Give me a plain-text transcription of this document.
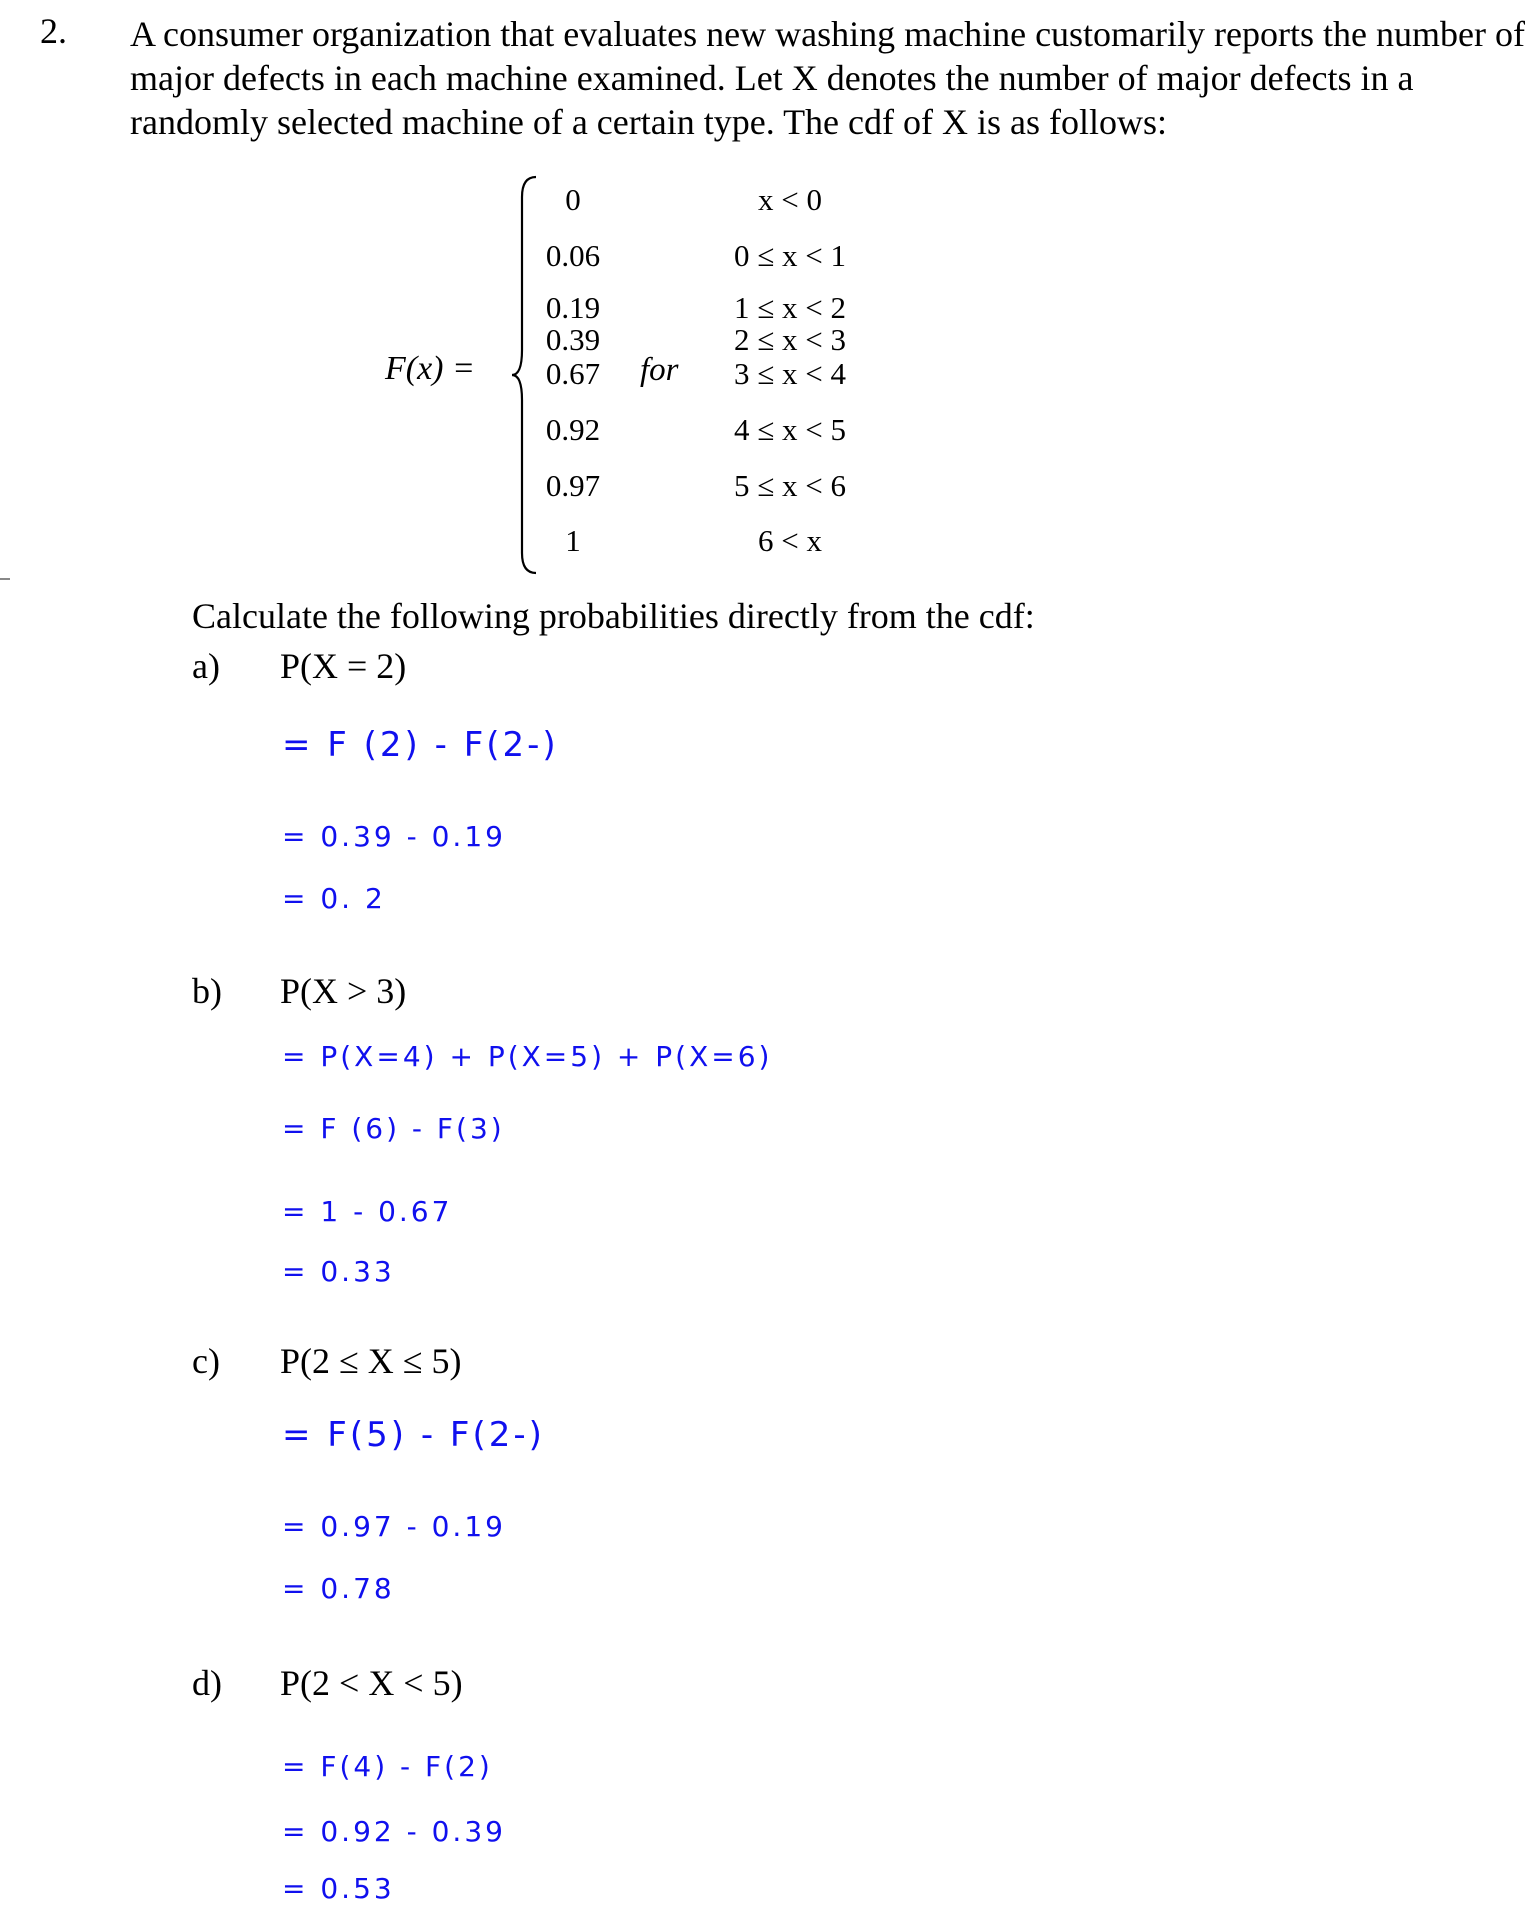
2. A consumer organization that evaluates new washing machine customarily reports the number of major defects in each machine examined. Let X denotes the number of major defects in a randomly selected machine of a certain type. The cdf of X is as follows:
F(x) =
0
0.06
0.19
0.39
0.67
0.92
0.97
1
for
x < 0
0 ≤ x < 1
1 ≤ x < 2
2 ≤ x < 3
3 ≤ x < 4
4 ≤ x < 5
5 ≤ x < 6
6 < x
Calculate the following probabilities directly from the cdf:
a) P(X = 2)
= F (2) - F(2-)
= 0.39 - 0.19
= 0. 2
b) P(X > 3)
= P(X=4) + P(X=5) + P(X=6)
= F (6) - F(3)
= 1 - 0.67
= 0.33
c) P(2 ≤ X ≤ 5)
= F(5) - F(2-)
= 0.97 - 0.19
= 0.78
d) P(2 < X < 5)
= F(4) - F(2)
= 0.92 - 0.39
= 0.53
